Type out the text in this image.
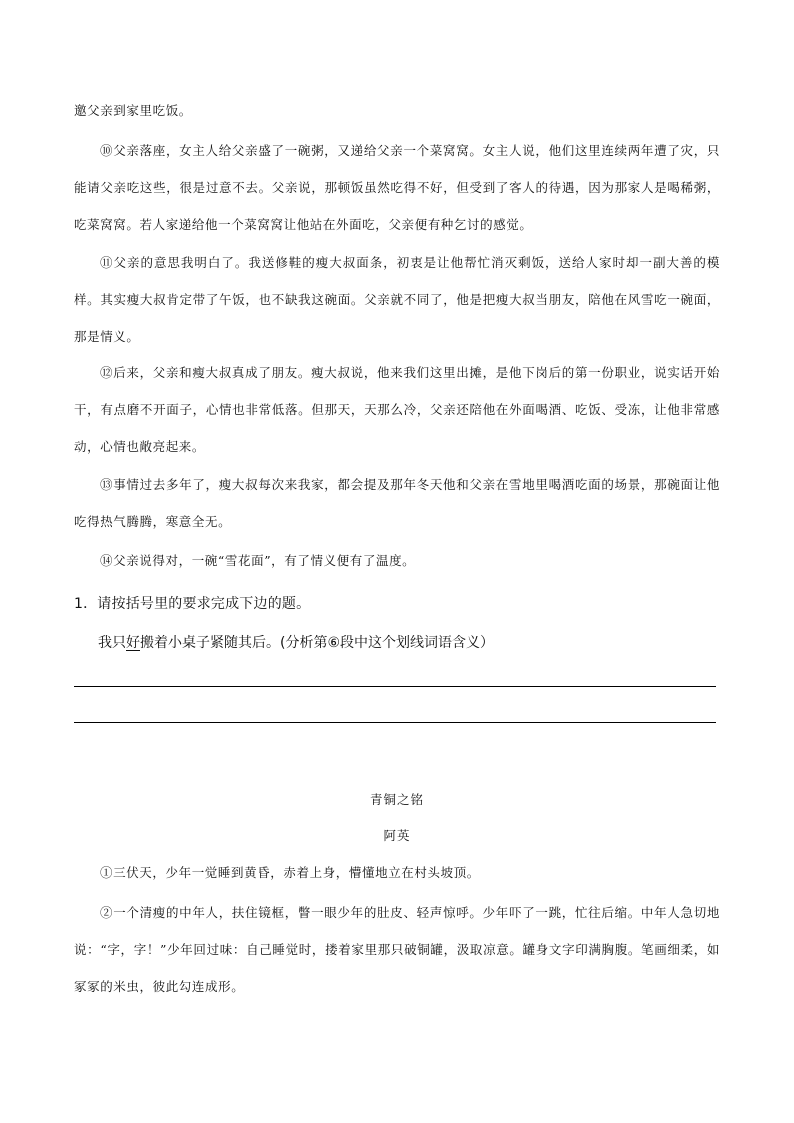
邀父亲到家里吃饭。

⑩父亲落座，女主人给父亲盛了一碗粥，又递给父亲一个菜窝窝。女主人说，他们这里连续两年遭了灾，只能请父亲吃这些，很是过意不去。父亲说，那顿饭虽然吃得不好，但受到了客人的待遇，因为那家人是喝稀粥，吃菜窝窝。若人家递给他一个菜窝窝让他站在外面吃，父亲便有种乞讨的感觉。

⑪父亲的意思我明白了。我送修鞋的瘦大叔面条，初衷是让他帮忙消灭剩饭，送给人家时却一副大善的模样。其实瘦大叔肯定带了午饭，也不缺我这碗面。父亲就不同了，他是把瘦大叔当朋友，陪他在风雪吃一碗面，那是情义。

⑫后来，父亲和瘦大叔真成了朋友。瘦大叔说，他来我们这里出摊，是他下岗后的第一份职业，说实话开始干，有点磨不开面子，心情也非常低落。但那天，天那么冷，父亲还陪他在外面喝酒、吃饭、受冻，让他非常感动，心情也敞亮起来。

⑬事情过去多年了，瘦大叔每次来我家，都会提及那年冬天他和父亲在雪地里喝酒吃面的场景，那碗面让他吃得热气腾腾，寒意全无。

⑭父亲说得对，一碗“雪花面”，有了情义便有了温度。

1．请按括号里的要求完成下边的题。

我只好搬着小桌子紧随其后。(分析第⑥段中这个划线词语含义）

青铜之铭
阿英

①三伏天，少年一觉睡到黄昏，赤着上身，懵懂地立在村头坡顶。

②一个清瘦的中年人，扶住镜框，瞥一眼少年的肚皮、轻声惊呼。少年吓了一跳，忙往后缩。中年人急切地说：“字，字！”少年回过味：自己睡觉时，搂着家里那只破铜罐，汲取凉意。罐身文字印满胸腹。笔画细柔，如冢冢的米虫，彼此勾连成形。
